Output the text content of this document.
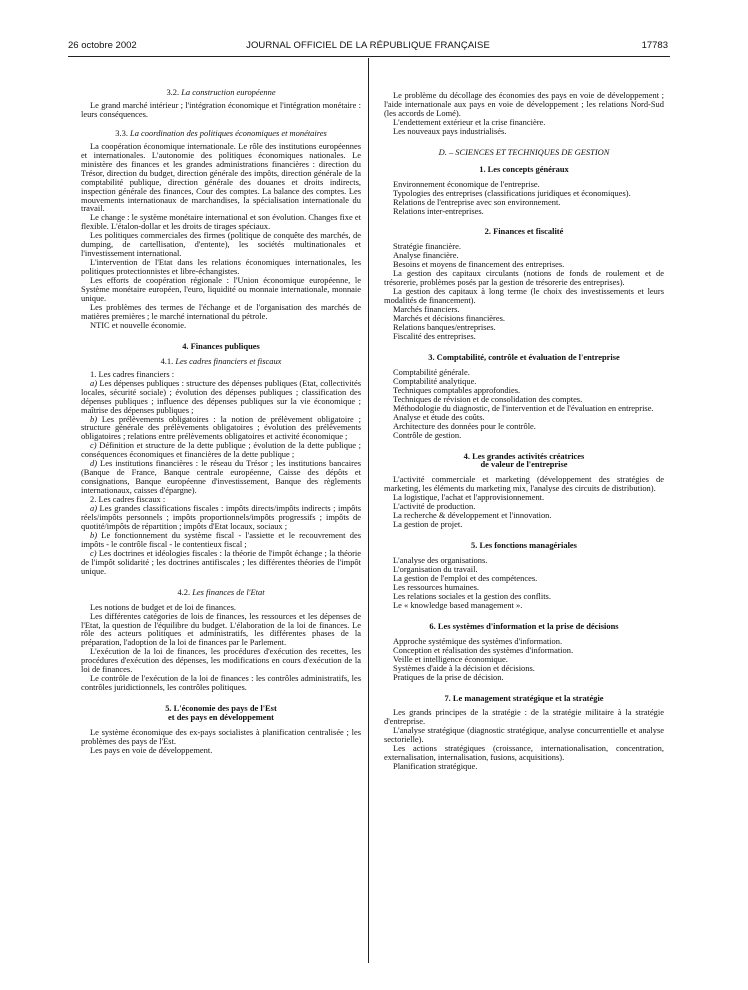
26 octobre 2002	JOURNAL OFFICIEL DE LA RÉPUBLIQUE FRANÇAISE	17783

3.2. La construction européenne

Le grand marché intérieur ; l'intégration économique et l'intégration monétaire : leurs conséquences.

3.3. La coordination des politiques économiques et monétaires

La coopération économique internationale. Le rôle des institutions européennes et internationales. L'autonomie des politiques économiques nationales. Le ministère des finances et les grandes administrations financières : direction du Trésor, direction du budget, direction générale des impôts, direction générale de la comptabilité publique, direction générale des douanes et droits indirects, inspection générale des finances, Cour des comptes. La balance des comptes. Les mouvements internationaux de marchandises, la spécialisation internationale du travail.

Le change : le système monétaire international et son évolution. Changes fixe et flexible. L'étalon-dollar et les droits de tirages spéciaux.

Les politiques commerciales des firmes (politique de conquête des marchés, de dumping, de cartellisation, d'entente), les sociétés multinationales et l'investissement international.

L'intervention de l'Etat dans les relations économiques internationales, les politiques protectionnistes et libre-échangistes.

Les efforts de coopération régionale : l'Union économique européenne, le Système monétaire européen, l'euro, liquidité ou monnaie internationale, monnaie unique.

Les problèmes des termes de l'échange et de l'organisation des marchés de matières premières ; le marché international du pétrole.

NTIC et nouvelle économie.

4. Finances publiques

4.1. Les cadres financiers et fiscaux

1. Les cadres financiers :

a) Les dépenses publiques : structure des dépenses publiques (Etat, collectivités locales, sécurité sociale) ; évolution des dépenses publiques ; classification des dépenses publiques ; influence des dépenses publiques sur la vie économique ; maîtrise des dépenses publiques ;

b) Les prélèvements obligatoires : la notion de prélèvement obligatoire ; structure générale des prélèvements obligatoires ; évolution des prélèvements obligatoires ; relations entre prélèvements obligatoires et activité économique ;

c) Définition et structure de la dette publique ; évolution de la dette publique ; conséquences économiques et financières de la dette publique ;

d) Les institutions financières : le réseau du Trésor ; les institutions bancaires (Banque de France, Banque centrale européenne, Caisse des dépôts et consignations, Banque européenne d'investissement, Banque des règlements internationaux, caisses d'épargne).

2. Les cadres fiscaux :

a) Les grandes classifications fiscales : impôts directs/impôts indirects ; impôts réels/impôts personnels ; impôts proportionnels/impôts progressifs ; impôts de quotité/impôts de répartition ; impôts d'Etat locaux, sociaux ;

b) Le fonctionnement du système fiscal - l'assiette et le recouvrement des impôts - le contrôle fiscal - le contentieux fiscal ;

c) Les doctrines et idéologies fiscales : la théorie de l'impôt échange ; la théorie de l'impôt solidarité ; les doctrines antifiscales ; les différentes théories de l'impôt unique.

4.2. Les finances de l'Etat

Les notions de budget et de loi de finances.

Les différentes catégories de lois de finances, les ressources et les dépenses de l'Etat, la question de l'équilibre du budget. L'élaboration de la loi de finances. Le rôle des acteurs politiques et administratifs, les différentes phases de la préparation, l'adoption de la loi de finances par le Parlement.

L'exécution de la loi de finances, les procédures d'exécution des recettes, les procédures d'exécution des dépenses, les modifications en cours d'exécution de la loi de finances.

Le contrôle de l'exécution de la loi de finances : les contrôles administratifs, les contrôles juridictionnels, les contrôles politiques.

5. L'économie des pays de l'Est

et des pays en développement

Le système économique des ex-pays socialistes à planification centralisée ; les problèmes des pays de l'Est.

Les pays en voie de développement.

Le problème du décollage des économies des pays en voie de développement ; l'aide internationale aux pays en voie de développement ; les relations Nord-Sud (les accords de Lomé).

L'endettement extérieur et la crise financière.

Les nouveaux pays industrialisés.

D. – SCIENCES ET TECHNIQUES DE GESTION

1. Les concepts généraux

Environnement économique de l'entreprise.

Typologies des entreprises (classifications juridiques et économiques).

Relations de l'entreprise avec son environnement.

Relations inter-entreprises.

2. Finances et fiscalité

Stratégie financière.

Analyse financière.

Besoins et moyens de financement des entreprises.

La gestion des capitaux circulants (notions de fonds de roulement et de trésorerie, problèmes posés par la gestion de trésorerie des entreprises).

La gestion des capitaux à long terme (le choix des investissements et leurs modalités de financement).

Marchés financiers.

Marchés et décisions financières.

Relations banques/entreprises.

Fiscalité des entreprises.

3. Comptabilité, contrôle et évaluation de l'entreprise

Comptabilité générale.

Comptabilité analytique.

Techniques comptables approfondies.

Techniques de révision et de consolidation des comptes.

Méthodologie du diagnostic, de l'intervention et de l'évaluation en entreprise.

Analyse et étude des coûts.

Architecture des données pour le contrôle.

Contrôle de gestion.

4. Les grandes activités créatrices

de valeur de l'entreprise

L'activité commerciale et marketing (développement des stratégies de marketing, les éléments du marketing mix, l'analyse des circuits de distribution).

La logistique, l'achat et l'approvisionnement.

L'activité de production.

La recherche & développement et l'innovation.

La gestion de projet.

5. Les fonctions managériales

L'analyse des organisations.

L'organisation du travail.

La gestion de l'emploi et des compétences.

Les ressources humaines.

Les relations sociales et la gestion des conflits.

Le « knowledge based management ».

6. Les systèmes d'information et la prise de décisions

Approche systémique des systèmes d'information.

Conception et réalisation des systèmes d'information.

Veille et intelligence économique.

Systèmes d'aide à la décision et décisions.

Pratiques de la prise de décision.

7. Le management stratégique et la stratégie

Les grands principes de la stratégie : de la stratégie militaire à la stratégie d'entreprise.

L'analyse stratégique (diagnostic stratégique, analyse concurrentielle et analyse sectorielle).

Les actions stratégiques (croissance, internationalisation, concentration, externalisation, internalisation, fusions, acquisitions).

Planification stratégique.
